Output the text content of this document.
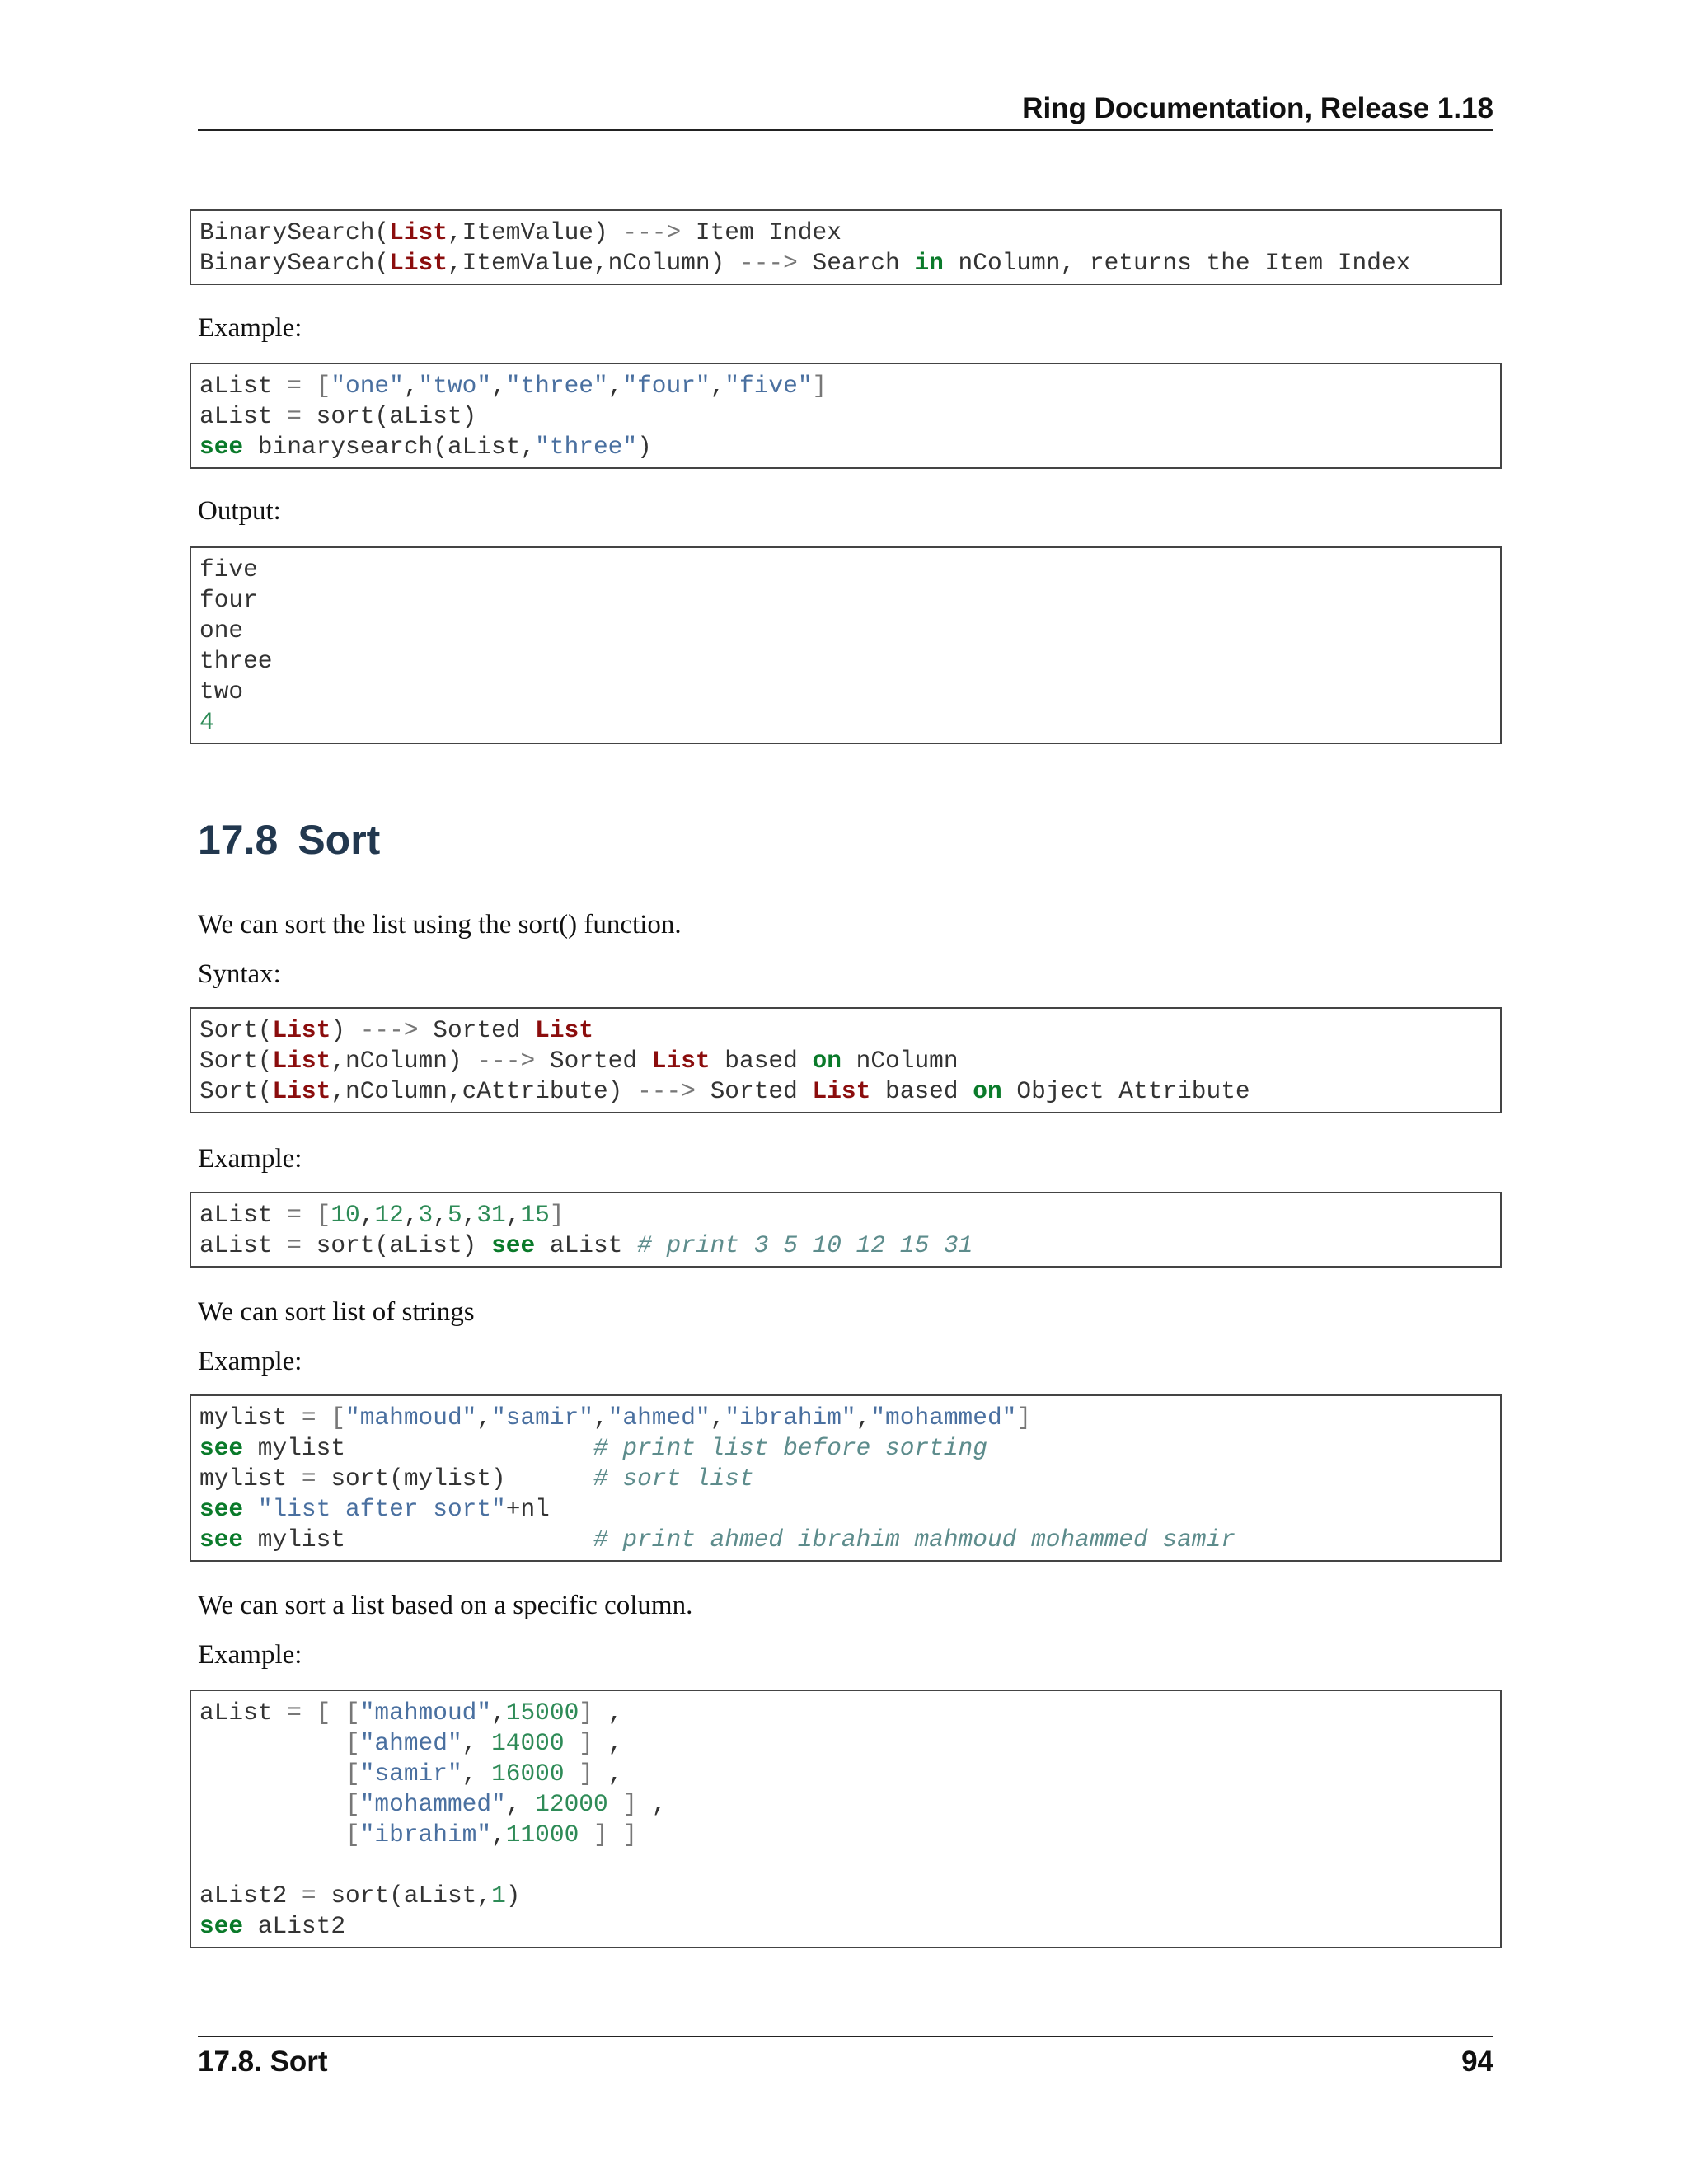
Ring Documentation, Release 1.18
BinarySearch(List,ItemValue) ---> Item Index
BinarySearch(List,ItemValue,nColumn) ---> Search in nColumn, returns the Item Index
Example:
aList = ["one","two","three","four","five"]
aList = sort(aList)
see binarysearch(aList,"three")
Output:
five
four
one
three
two
4
17.8 Sort
We can sort the list using the sort() function.
Syntax:
Sort(List) ---> Sorted List
Sort(List,nColumn) ---> Sorted List based on nColumn
Sort(List,nColumn,cAttribute) ---> Sorted List based on Object Attribute
Example:
aList = [10,12,3,5,31,15]
aList = sort(aList) see aList # print 3 5 10 12 15 31
We can sort list of strings
Example:
mylist = ["mahmoud","samir","ahmed","ibrahim","mohammed"]
see mylist                 # print list before sorting
mylist = sort(mylist)      # sort list
see "list after sort"+nl
see mylist                 # print ahmed ibrahim mahmoud mohammed samir
We can sort a list based on a specific column.
Example:
aList = [ ["mahmoud",15000] ,
["ahmed", 14000 ] ,
["samir", 16000 ] ,
["mohammed", 12000 ] ,
["ibrahim",11000 ] ]
aList2 = sort(aList,1)
see aList2
17.8. Sort	94
